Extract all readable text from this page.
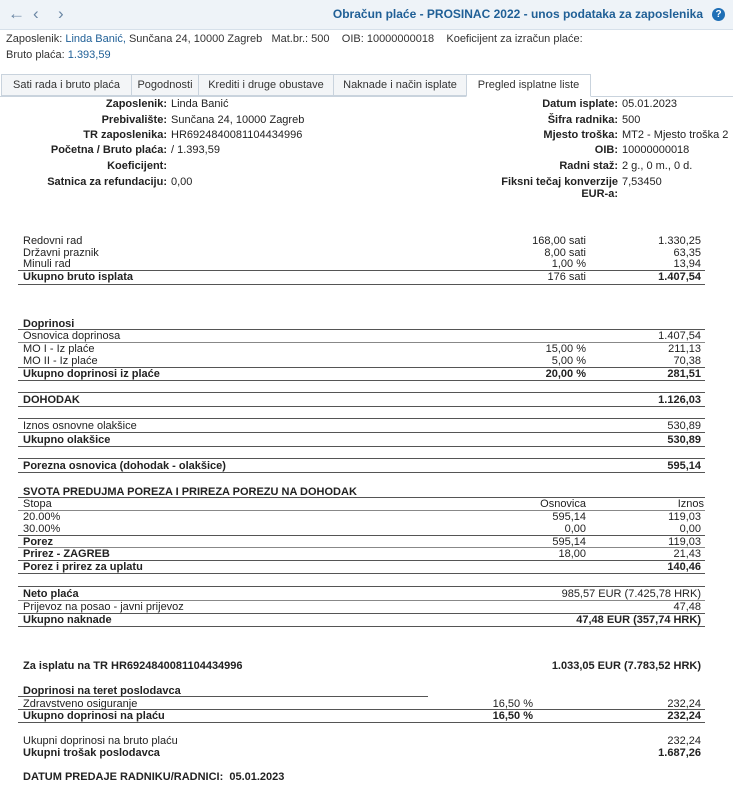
← ‹ ›	Obračun plaće - PROSINAC 2022 - unos podataka za zaposlenika	?
Zaposlenik: Linda Banić, Sunčana 24, 10000 Zagreb Mat.br.: 500 OIB: 10000000018 Koeficijent za izračun plaće:
Bruto plaća: 1.393,59
Sati rada i bruto plaća	Pogodnosti	Krediti i druge obustave	Naknade i način isplate	Pregled isplatne liste
Zaposlenik: Linda Banić
Prebivalište: Sunčana 24, 10000 Zagreb
TR zaposlenika: HR6924840081104434996
Početna / Bruto plaća: / 1.393,59
Koeficijent:
Satnica za refundaciju: 0,00
Datum isplate: 05.01.2023
Šifra radnika: 500
Mjesto troška: MT2 - Mjesto troška 2
OIB: 10000000018
Radni staž: 2 g., 0 m., 0 d.
Fiksni tečaj konverzije 7,53450
EUR-a:
Redovni rad	168,00 sati	1.330,25
Državni praznik	8,00 sati	63,35
Minuli rad	1,00 %	13,94
Ukupno bruto isplata	176 sati	1.407,54
Doprinosi
Osnovica doprinosa	1.407,54
MO I - Iz plaće	15,00 %	211,13
MO II - Iz plaće	5,00 %	70,38
Ukupno doprinosi iz plaće	20,00 %	281,51
DOHODAK	1.126,03
Iznos osnovne olakšice	530,89
Ukupno olakšice	530,89
Porezna osnovica (dohodak - olakšice)	595,14
SVOTA PREDUJMA POREZA I PRIREZA POREZU NA DOHODAK
Stopa	Osnovica	Iznos
20.00%	595,14	119,03
30.00%	0,00	0,00
Porez	595,14	119,03
Prirez - ZAGREB	18,00	21,43
Porez i prirez za uplatu	140,46
Neto plaća	985,57 EUR (7.425,78 HRK)
Prijevoz na posao - javni prijevoz	47,48
Ukupno naknade	47,48 EUR (357,74 HRK)
Za isplatu na TR HR6924840081104434996	1.033,05 EUR (7.783,52 HRK)
Doprinosi na teret poslodavca
Zdravstveno osiguranje	16,50 %	232,24
Ukupno doprinosi na plaću	16,50 %	232,24
Ukupni doprinosi na bruto plaću	232,24
Ukupni trošak poslodavca	1.687,26
DATUM PREDAJE RADNIKU/RADNICI:  05.01.2023
